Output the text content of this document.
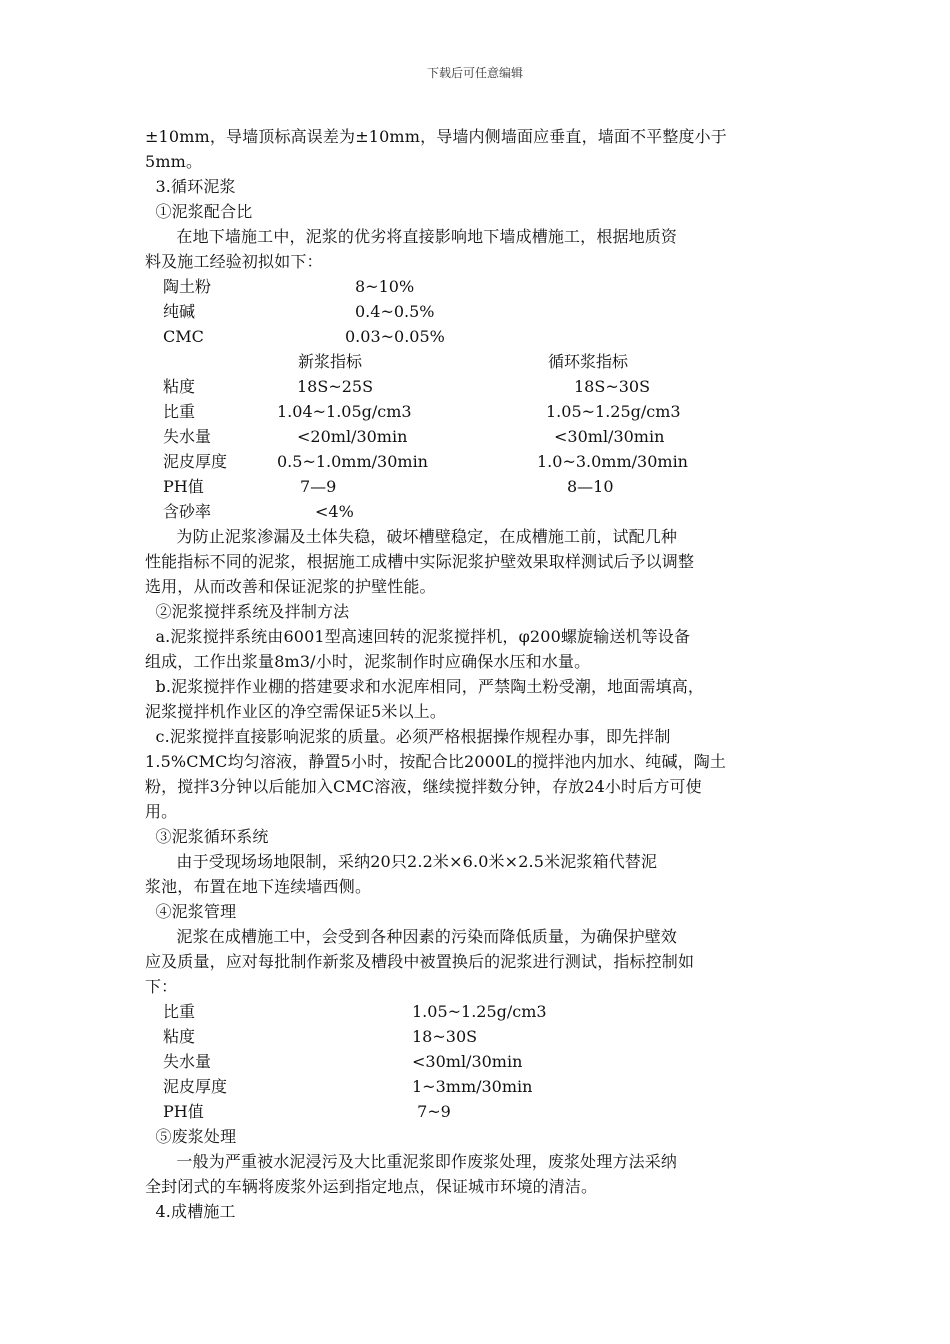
下载后可任意编辑
±10mm，导墙顶标高误差为±10mm，导墙内侧墙面应垂直，墙面不平整度小于
5mm。
3.循环泥浆
①泥浆配合比
在地下墙施工中，泥浆的优劣将直接影响地下墙成槽施工，根据地质资
料及施工经验初拟如下：
陶土粉	8~10%
纯碱	0.4~0.5%
CMC	0.03~0.05%
新浆指标	循环浆指标
粘度	18S~25S	18S~30S
比重	1.04~1.05g/cm3	1.05~1.25g/cm3
失水量	<20ml/30min	<30ml/30min
泥皮厚度	0.5~1.0mm/30min	1.0~3.0mm/30min
PH值	7—9	8—10
含砂率	<4%
为防止泥浆渗漏及土体失稳，破坏槽壁稳定，在成槽施工前，试配几种
性能指标不同的泥浆，根据施工成槽中实际泥浆护壁效果取样测试后予以调整
选用，从而改善和保证泥浆的护壁性能。
②泥浆搅拌系统及拌制方法
a.泥浆搅拌系统由6001型高速回转的泥浆搅拌机，φ200螺旋输送机等设备
组成，工作出浆量8m3/小时，泥浆制作时应确保水压和水量。
b.泥浆搅拌作业棚的搭建要求和水泥库相同，严禁陶土粉受潮，地面需填高，
泥浆搅拌机作业区的净空需保证5米以上。
c.泥浆搅拌直接影响泥浆的质量。必须严格根据操作规程办事，即先拌制
1.5%CMC均匀溶液，静置5小时，按配合比2000L的搅拌池内加水、纯碱，陶土
粉，搅拌3分钟以后能加入CMC溶液，继续搅拌数分钟，存放24小时后方可使
用。
③泥浆循环系统
由于受现场场地限制，采纳20只2.2米×6.0米×2.5米泥浆箱代替泥
浆池，布置在地下连续墙西侧。
④泥浆管理
泥浆在成槽施工中，会受到各种因素的污染而降低质量，为确保护壁效
应及质量，应对每批制作新浆及槽段中被置换后的泥浆进行测试，指标控制如
下：
比重	1.05~1.25g/cm3
粘度	18~30S
失水量	<30ml/30min
泥皮厚度	1~3mm/30min
PH值	7~9
⑤废浆处理
一般为严重被水泥浸污及大比重泥浆即作废浆处理，废浆处理方法采纳
全封闭式的车辆将废浆外运到指定地点，保证城市环境的清洁。
4.成槽施工
